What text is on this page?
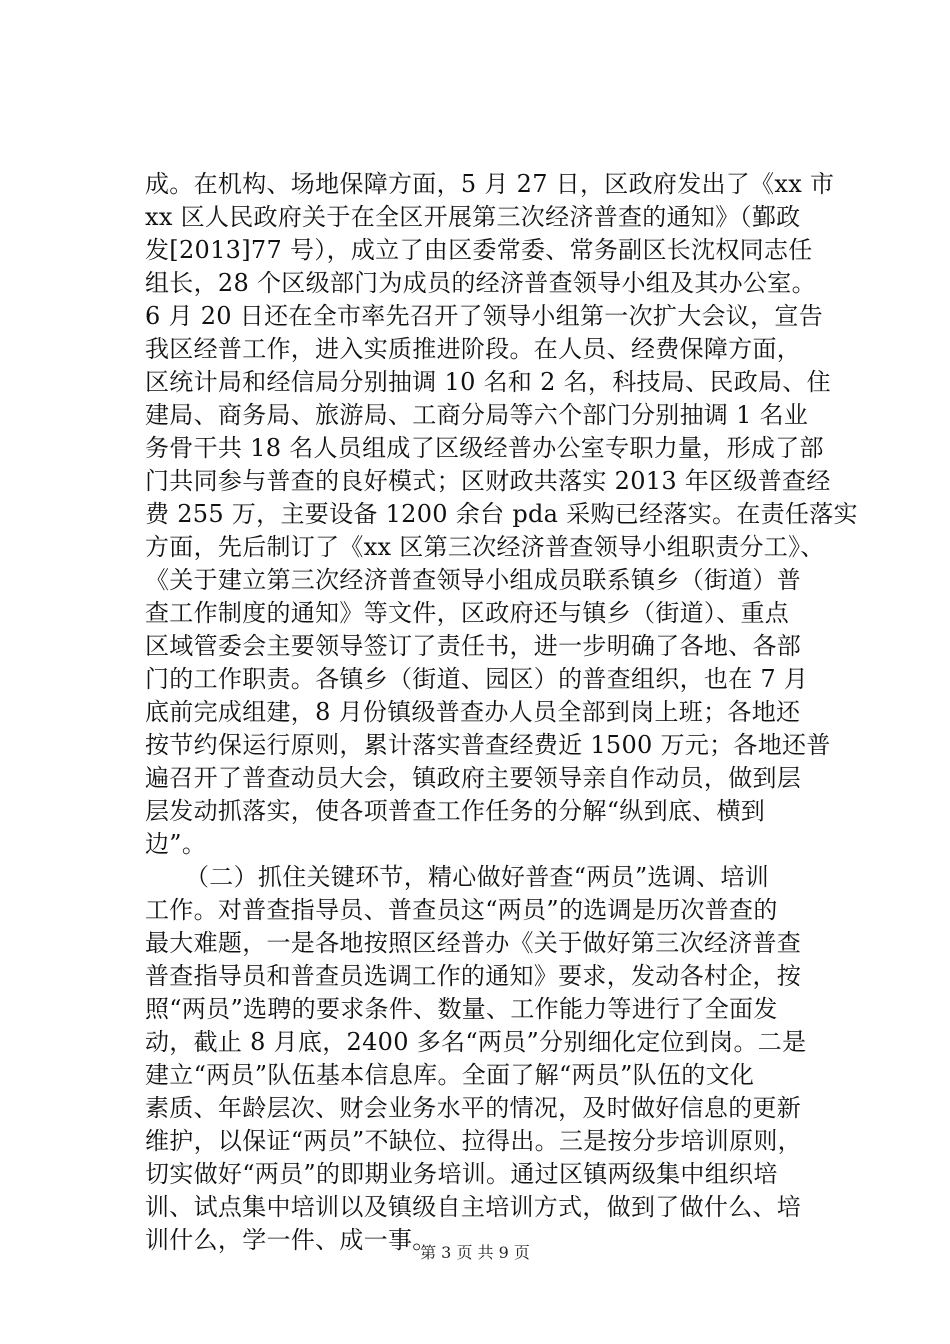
成。在机构、场地保障方面，5 月 27 日，区政府发出了《xx 市
xx 区人民政府关于在全区开展第三次经济普查的通知》（鄞政
发[2013]77 号），成立了由区委常委、常务副区长沈权同志任
组长，28 个区级部门为成员的经济普查领导小组及其办公室。
6 月 20 日还在全市率先召开了领导小组第一次扩大会议，宣告
我区经普工作，进入实质推进阶段。在人员、经费保障方面，
区统计局和经信局分别抽调 10 名和 2 名，科技局、民政局、住
建局、商务局、旅游局、工商分局等六个部门分别抽调 1 名业
务骨干共 18 名人员组成了区级经普办公室专职力量，形成了部
门共同参与普查的良好模式；区财政共落实 2013 年区级普查经
费 255 万，主要设备 1200 余台 pda 采购已经落实。在责任落实
方面，先后制订了《xx 区第三次经济普查领导小组职责分工》、
《关于建立第三次经济普查领导小组成员联系镇乡（街道）普
查工作制度的通知》等文件，区政府还与镇乡（街道）、重点
区域管委会主要领导签订了责任书，进一步明确了各地、各部
门的工作职责。各镇乡（街道、园区）的普查组织，也在 7 月
底前完成组建，8 月份镇级普查办人员全部到岗上班；各地还
按节约保运行原则，累计落实普查经费近 1500 万元；各地还普
遍召开了普查动员大会，镇政府主要领导亲自作动员，做到层
层发动抓落实，使各项普查工作任务的分解“纵到底、横到
边”。
（二）抓住关键环节，精心做好普查“两员”选调、培训
工作。对普查指导员、普查员这“两员”的选调是历次普查的
最大难题，一是各地按照区经普办《关于做好第三次经济普查
普查指导员和普查员选调工作的通知》要求，发动各村企，按
照“两员”选聘的要求条件、数量、工作能力等进行了全面发
动，截止 8 月底，2400 多名“两员”分别细化定位到岗。二是
建立“两员”队伍基本信息库。全面了解“两员”队伍的文化
素质、年龄层次、财会业务水平的情况，及时做好信息的更新
维护，以保证“两员”不缺位、拉得出。三是按分步培训原则，
切实做好“两员”的即期业务培训。通过区镇两级集中组织培
训、试点集中培训以及镇级自主培训方式，做到了做什么、培
训什么，学一件、成一事。
第 3 页 共 9 页
